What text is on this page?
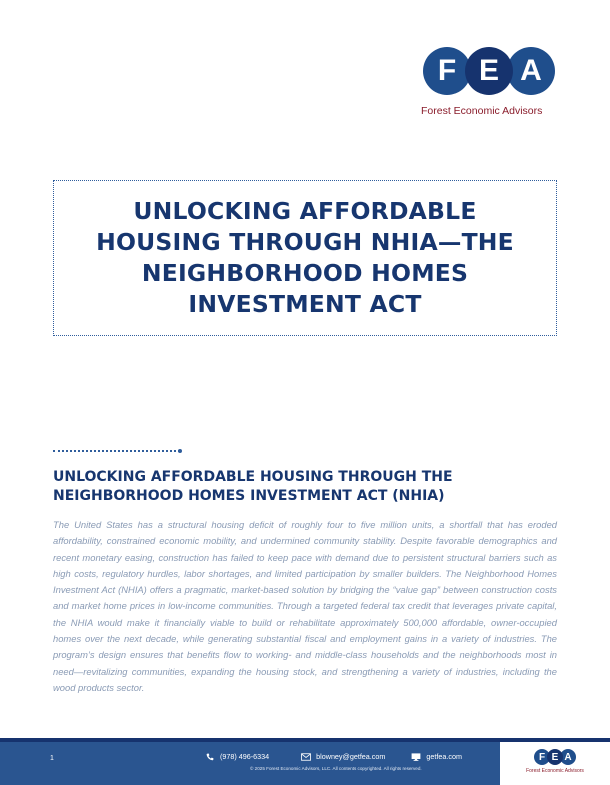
F E A
Forest Economic Advisors
UNLOCKING AFFORDABLE HOUSING THROUGH NHIA—THE NEIGHBORHOOD HOMES INVESTMENT ACT
UNLOCKING AFFORDABLE HOUSING THROUGH THE NEIGHBORHOOD HOMES INVESTMENT ACT (NHIA)

The United States has a structural housing deficit of roughly four to five million units, a shortfall that has eroded affordability, constrained economic mobility, and undermined community stability. Despite favorable demographics and recent monetary easing, construction has failed to keep pace with demand due to persistent structural barriers such as high costs, regulatory hurdles, labor shortages, and limited participation by smaller builders. The Neighborhood Homes Investment Act (NHIA) offers a pragmatic, market-based solution by bridging the “value gap” between construction costs and market home prices in low-income communities. Through a targeted federal tax credit that leverages private capital, the NHIA would make it financially viable to build or rehabilitate approximately 500,000 affordable, owner-occupied homes over the next decade, while generating substantial fiscal and employment gains in a variety of industries. The program’s design ensures that benefits flow to working- and middle-class households and the neighborhoods most in need—revitalizing communities, expanding the housing stock, and strengthening a variety of industries, including the wood products sector.

1	(978) 496-6334	blowney@getfea.com	getfea.com
© 2025 Forest Economic Advisors, LLC. All contents copyrighted. All rights reserved.
F E A
Forest Economic Advisors
